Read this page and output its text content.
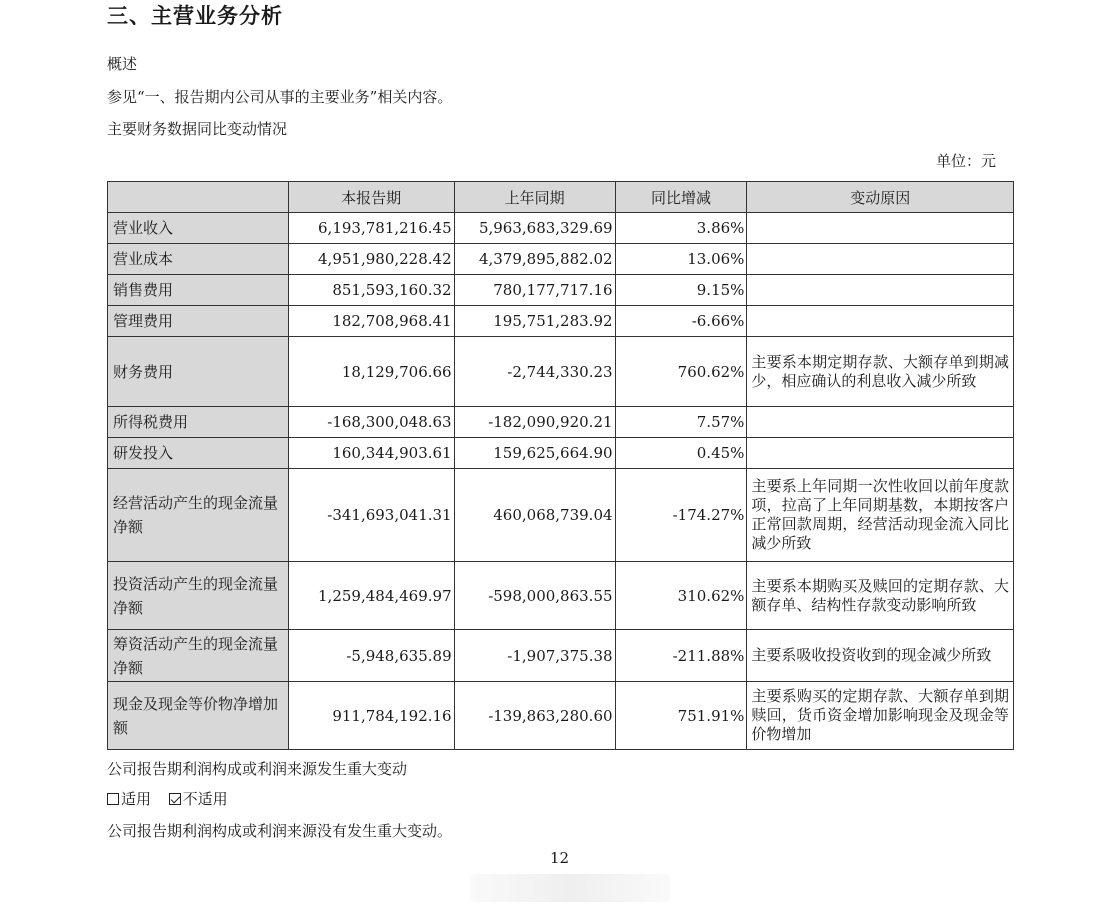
三、主营业务分析
概述
参见“一、报告期内公司从事的主要业务”相关内容。
主要财务数据同比变动情况
单位：元
	本报告期	上年同期	同比增减	变动原因
营业收入	6,193,781,216.45	5,963,683,329.69	3.86%	
营业成本	4,951,980,228.42	4,379,895,882.02	13.06%	
销售费用	851,593,160.32	780,177,717.16	9.15%	
管理费用	182,708,968.41	195,751,283.92	-6.66%	
财务费用	18,129,706.66	-2,744,330.23	760.62%	主要系本期定期存款、大额存单到期减少，相应确认的利息收入减少所致
所得税费用	-168,300,048.63	-182,090,920.21	7.57%	
研发投入	160,344,903.61	159,625,664.90	0.45%	
经营活动产生的现金流量净额	-341,693,041.31	460,068,739.04	-174.27%	主要系上年同期一次性收回以前年度款项，拉高了上年同期基数，本期按客户正常回款周期，经营活动现金流入同比减少所致
投资活动产生的现金流量净额	1,259,484,469.97	-598,000,863.55	310.62%	主要系本期购买及赎回的定期存款、大额存单、结构性存款变动影响所致
筹资活动产生的现金流量净额	-5,948,635.89	-1,907,375.38	-211.88%	主要系吸收投资收到的现金减少所致
现金及现金等价物净增加额	911,784,192.16	-139,863,280.60	751.91%	主要系购买的定期存款、大额存单到期赎回，货币资金增加影响现金及现金等价物增加
公司报告期利润构成或利润来源发生重大变动
适用 不适用
公司报告期利润构成或利润来源没有发生重大变动。
12
